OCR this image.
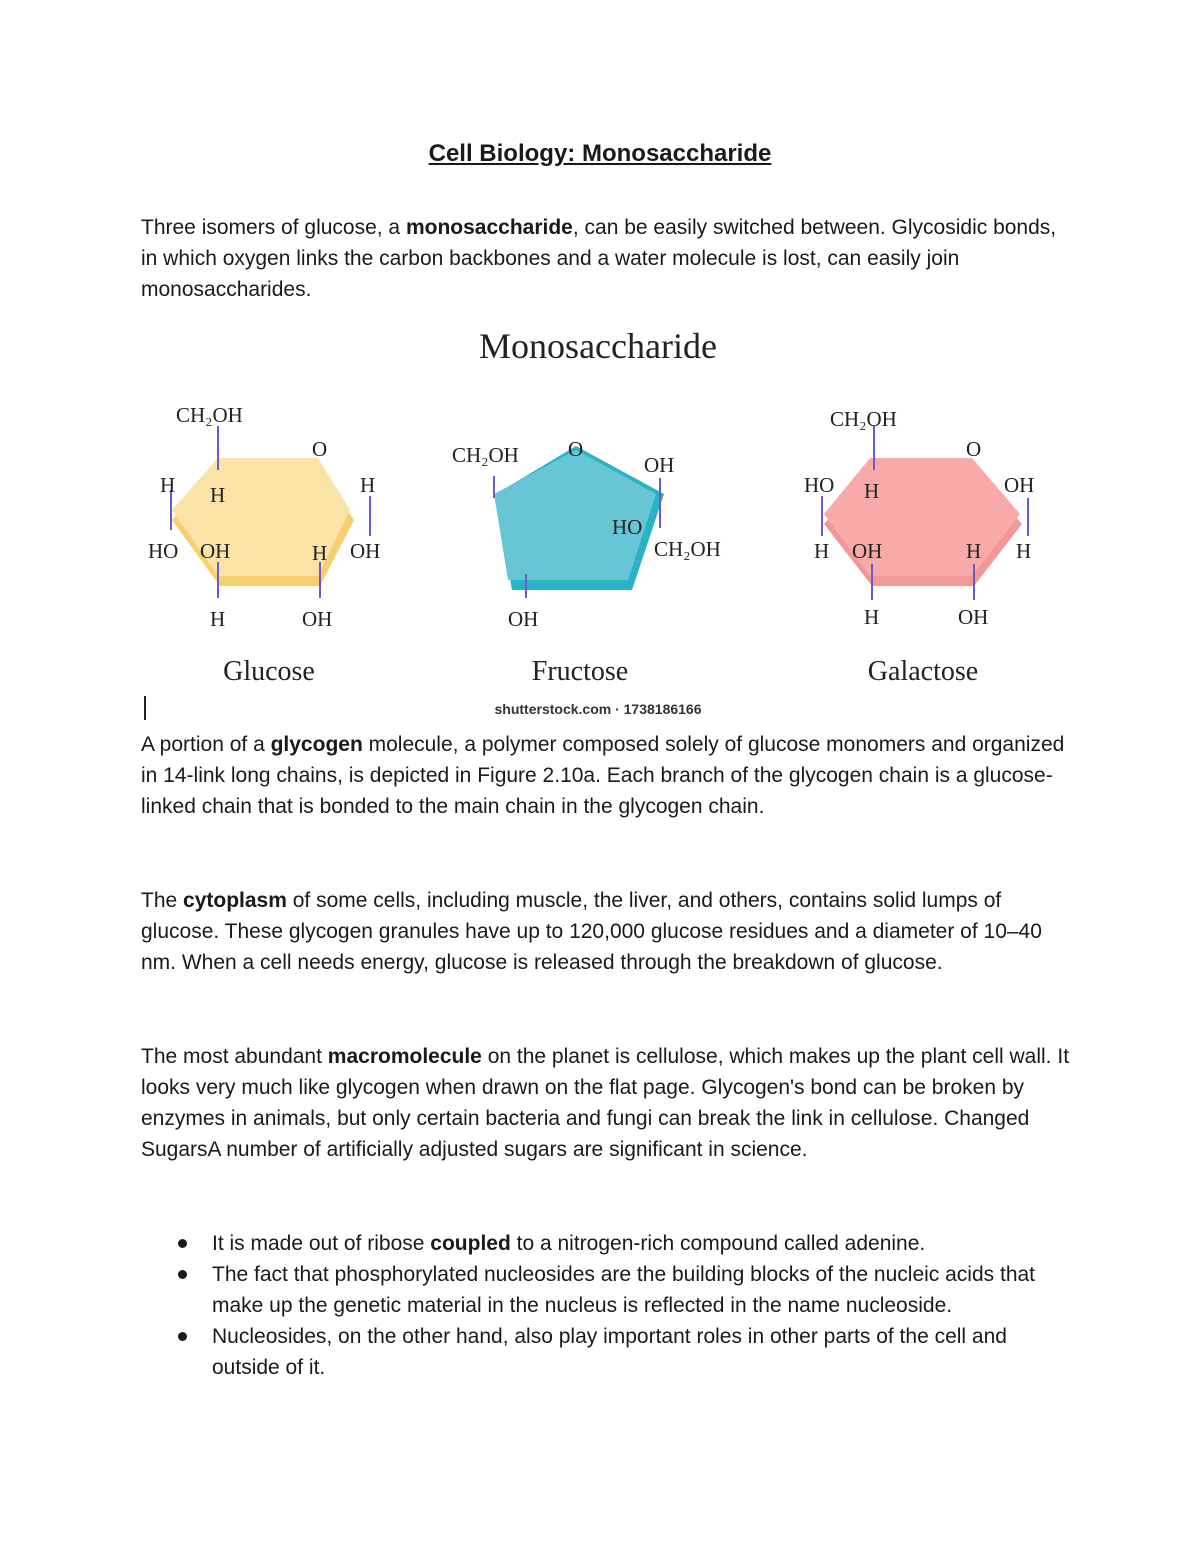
Cell Biology: Monosaccharide

Three isomers of glucose, a monosaccharide, can be easily switched between. Glycosidic bonds, in which oxygen links the carbon backbones and a water molecule is lost, can easily join monosaccharides.

Monosaccharide
CH₂OH
O
H H	H
HO OH	H OH
H	OH
Glucose
CH₂OH O
OH
HO
CH₂OH
OH
Fructose
CH₂OH
O
HO H	OH
H OH	H H
H	OH
Galactose
shutterstock.com · 1738186166

A portion of a glycogen molecule, a polymer composed solely of glucose monomers and organized in 14-link long chains, is depicted in Figure 2.10a. Each branch of the glycogen chain is a glucose-linked chain that is bonded to the main chain in the glycogen chain.

The cytoplasm of some cells, including muscle, the liver, and others, contains solid lumps of glucose. These glycogen granules have up to 120,000 glucose residues and a diameter of 10–40 nm. When a cell needs energy, glucose is released through the breakdown of glucose.

The most abundant macromolecule on the planet is cellulose, which makes up the plant cell wall. It looks very much like glycogen when drawn on the flat page. Glycogen's bond can be broken by enzymes in animals, but only certain bacteria and fungi can break the link in cellulose. Changed SugarsA number of artificially adjusted sugars are significant in science.

It is made out of ribose coupled to a nitrogen-rich compound called adenine.
The fact that phosphorylated nucleosides are the building blocks of the nucleic acids that make up the genetic material in the nucleus is reflected in the name nucleoside.
Nucleosides, on the other hand, also play important roles in other parts of the cell and outside of it.
